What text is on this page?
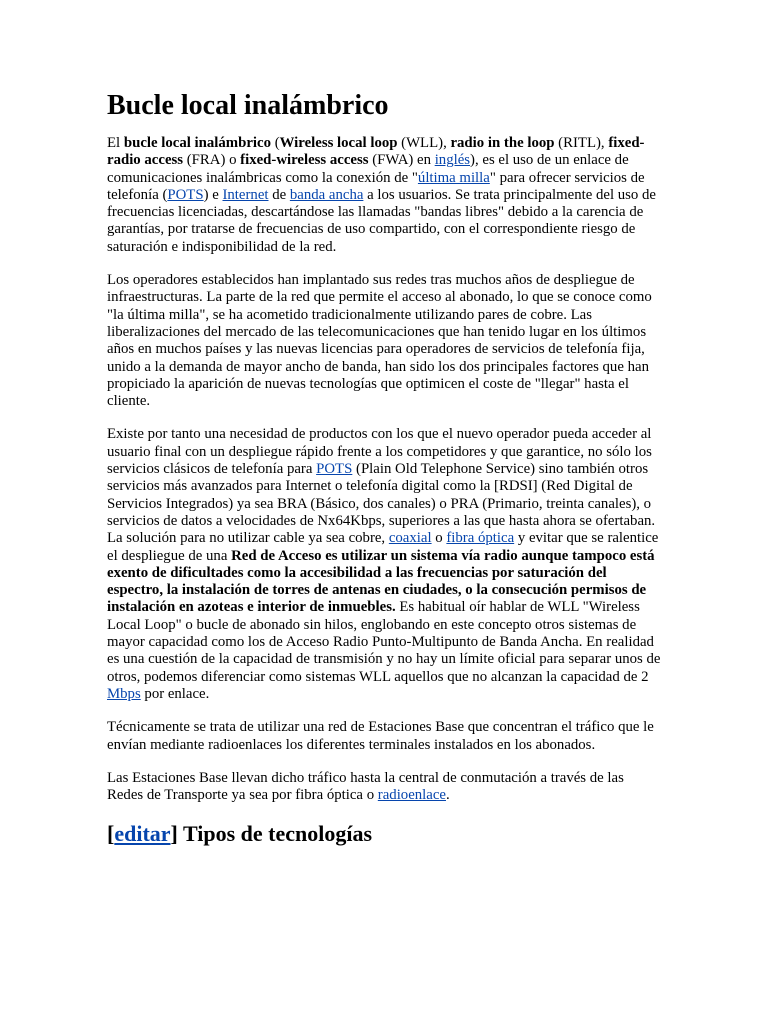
Bucle local inalámbrico

El bucle local inalámbrico (Wireless local loop (WLL), radio in the loop (RITL), fixed-radio access (FRA) o fixed-wireless access (FWA) en inglés), es el uso de un enlace de comunicaciones inalámbricas como la conexión de "última milla" para ofrecer servicios de telefonía (POTS) e Internet de banda ancha a los usuarios. Se trata principalmente del uso de frecuencias licenciadas, descartándose las llamadas "bandas libres" debido a la carencia de garantías, por tratarse de frecuencias de uso compartido, con el correspondiente riesgo de saturación e indisponibilidad de la red.

Los operadores establecidos han implantado sus redes tras muchos años de despliegue de infraestructuras. La parte de la red que permite el acceso al abonado, lo que se conoce como "la última milla", se ha acometido tradicionalmente utilizando pares de cobre. Las liberalizaciones del mercado de las telecomunicaciones que han tenido lugar en los últimos años en muchos países y las nuevas licencias para operadores de servicios de telefonía fija, unido a la demanda de mayor ancho de banda, han sido los dos principales factores que han propiciado la aparición de nuevas tecnologías que optimicen el coste de "llegar" hasta el cliente.

Existe por tanto una necesidad de productos con los que el nuevo operador pueda acceder al usuario final con un despliegue rápido frente a los competidores y que garantice, no sólo los servicios clásicos de telefonía para POTS (Plain Old Telephone Service) sino también otros servicios más avanzados para Internet o telefonía digital como la [RDSI] (Red Digital de Servicios Integrados) ya sea BRA (Básico, dos canales) o PRA (Primario, treinta canales), o servicios de datos a velocidades de Nx64Kbps, superiores a las que hasta ahora se ofertaban. La solución para no utilizar cable ya sea cobre, coaxial o fibra óptica y evitar que se ralentice el despliegue de una Red de Acceso es utilizar un sistema vía radio aunque tampoco está exento de dificultades como la accesibilidad a las frecuencias por saturación del espectro, la instalación de torres de antenas en ciudades, o la consecución permisos de instalación en azoteas e interior de inmuebles. Es habitual oír hablar de WLL "Wireless Local Loop" o bucle de abonado sin hilos, englobando en este concepto otros sistemas de mayor capacidad como los de Acceso Radio Punto-Multipunto de Banda Ancha. En realidad es una cuestión de la capacidad de transmisión y no hay un límite oficial para separar unos de otros, podemos diferenciar como sistemas WLL aquellos que no alcanzan la capacidad de 2 Mbps por enlace.

Técnicamente se trata de utilizar una red de Estaciones Base que concentran el tráfico que le envían mediante radioenlaces los diferentes terminales instalados en los abonados.

Las Estaciones Base llevan dicho tráfico hasta la central de conmutación a través de las Redes de Transporte ya sea por fibra óptica o radioenlace.

[editar] Tipos de tecnologías
